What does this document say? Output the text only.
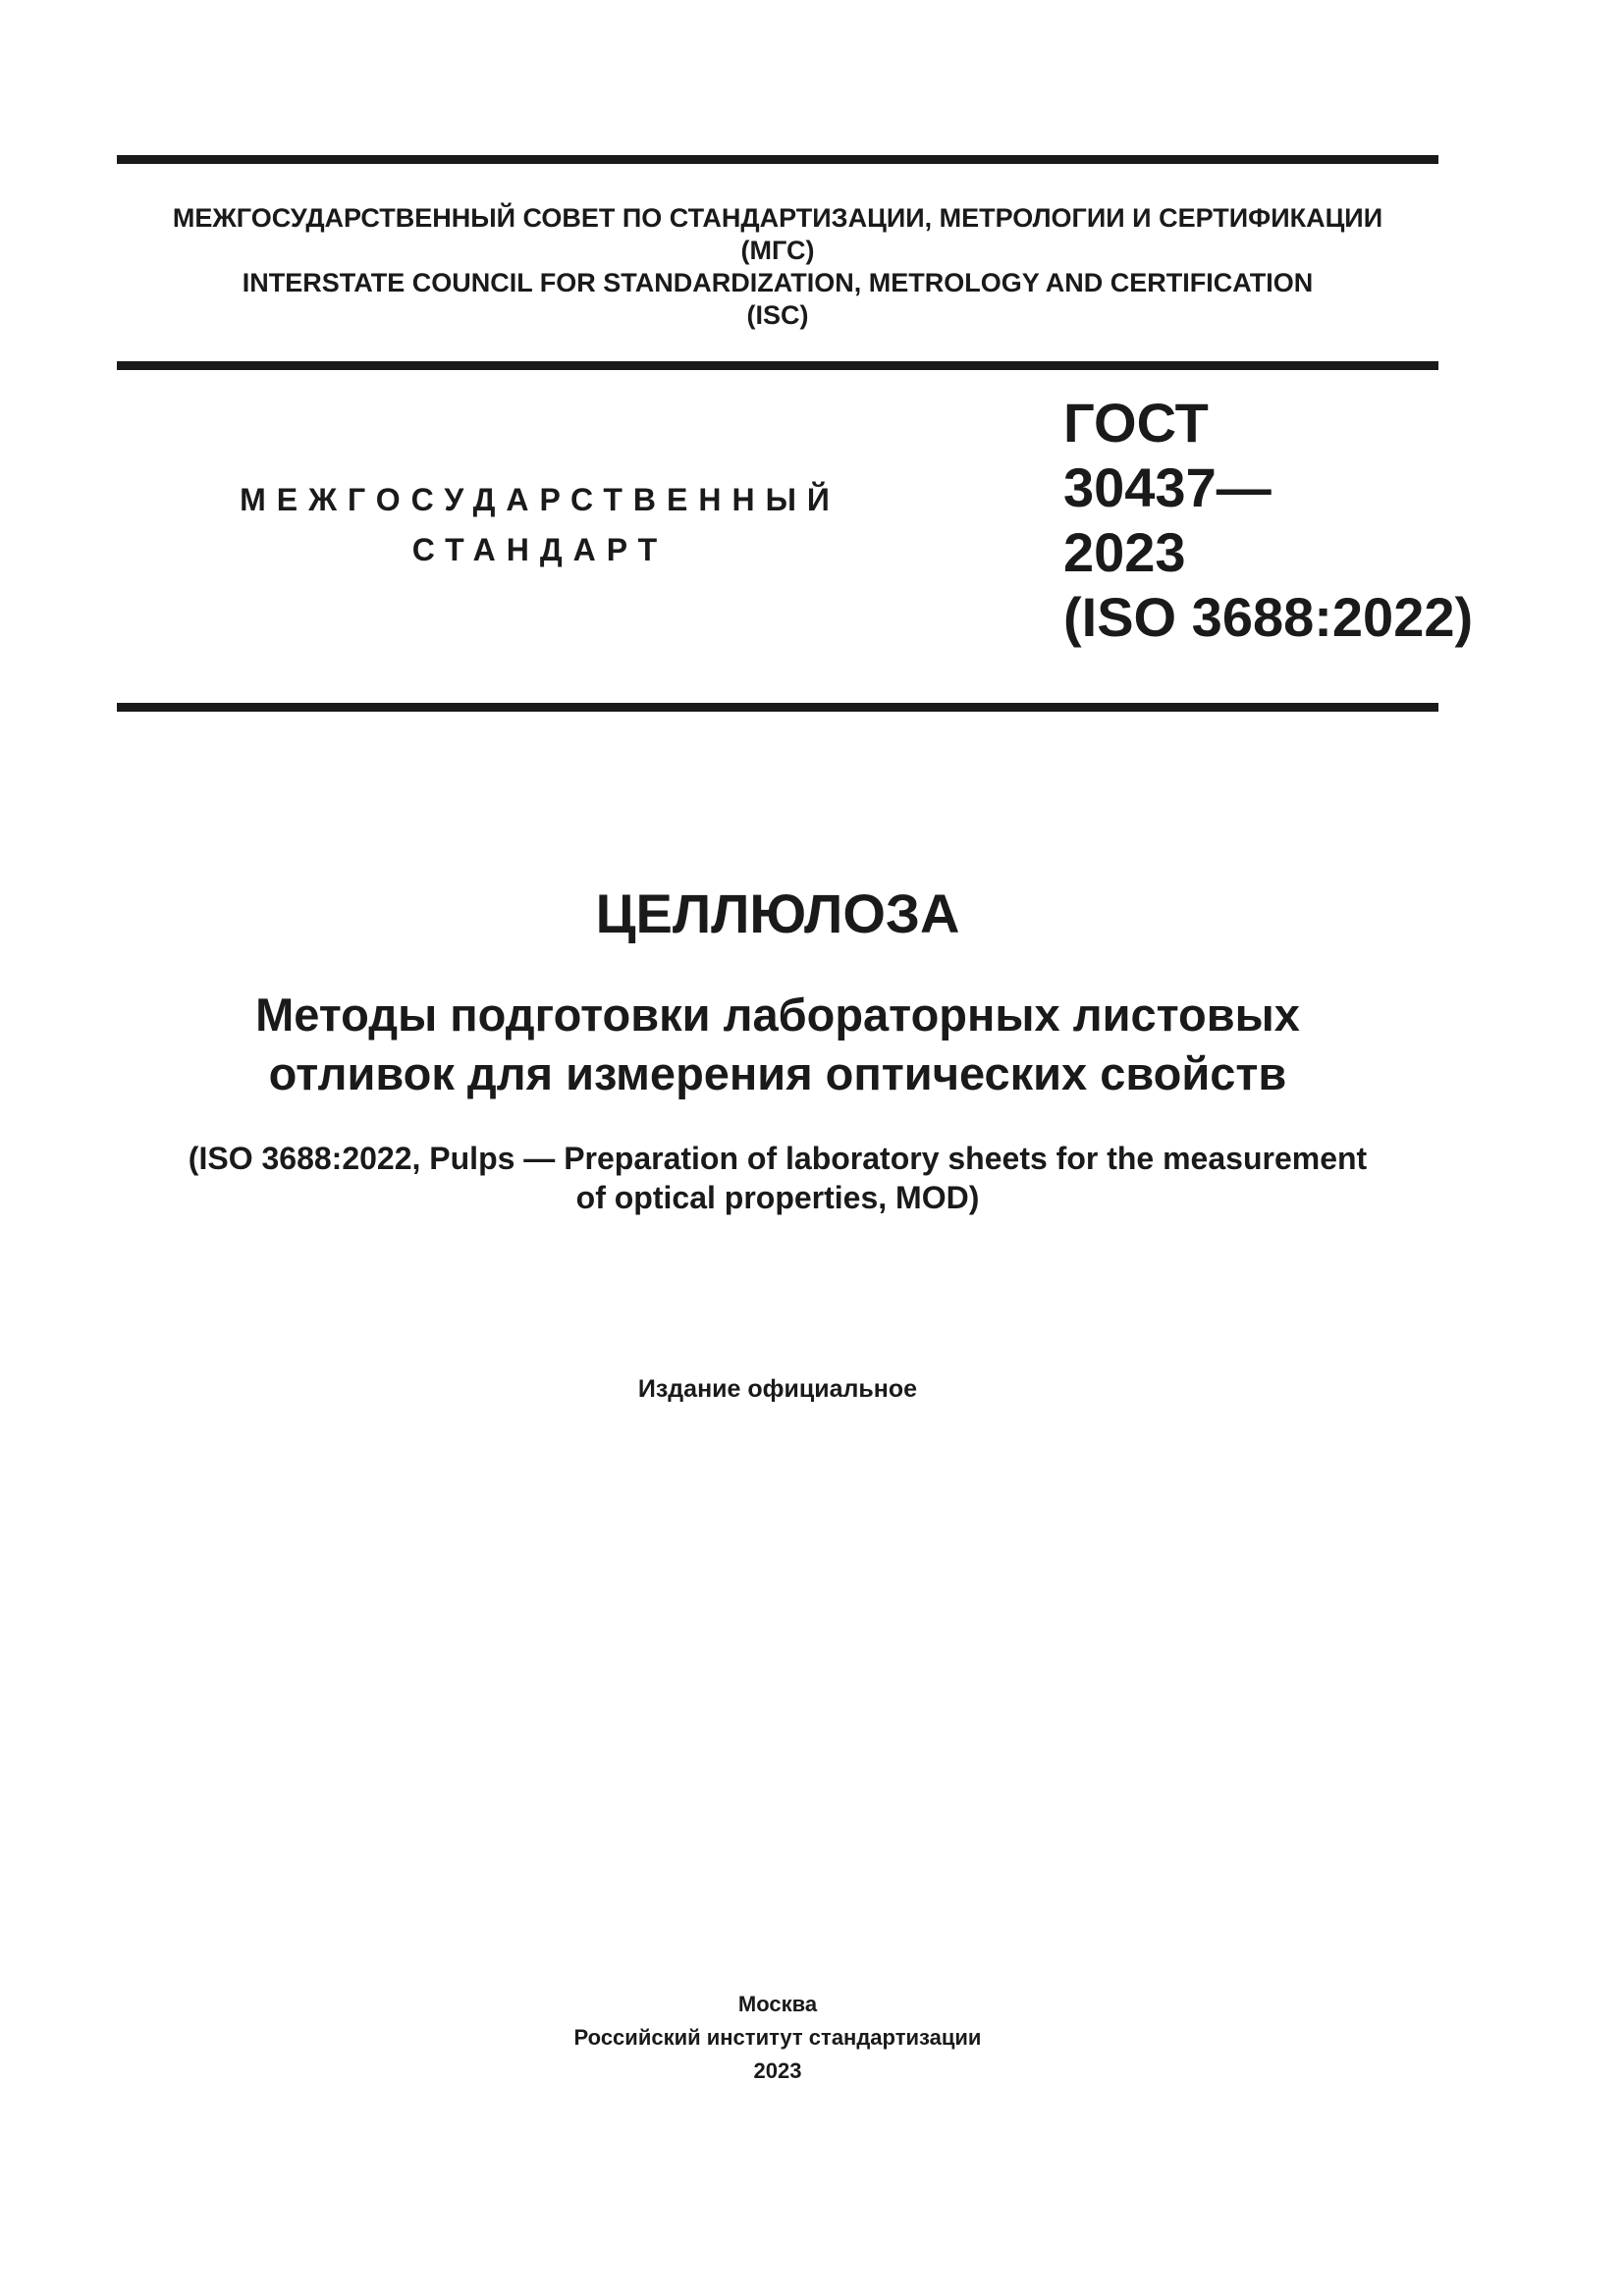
МЕЖГОСУДАРСТВЕННЫЙ СОВЕТ ПО СТАНДАРТИЗАЦИИ, МЕТРОЛОГИИ И СЕРТИФИКАЦИИ
(МГС)
INTERSTATE COUNCIL FOR STANDARDIZATION, METROLOGY AND CERTIFICATION
(ISC)
МЕЖГОСУДАРСТВЕННЫЙ
СТАНДАРТ
ГОСТ
30437—
2023
(ISO 3688:2022)
ЦЕЛЛЮЛОЗА
Методы подготовки лабораторных листовых
отливок для измерения оптических свойств
(ISO 3688:2022, Pulps — Preparation of laboratory sheets for the measurement
of optical properties, MOD)
Издание официальное
Москва
Российский институт стандартизации
2023
